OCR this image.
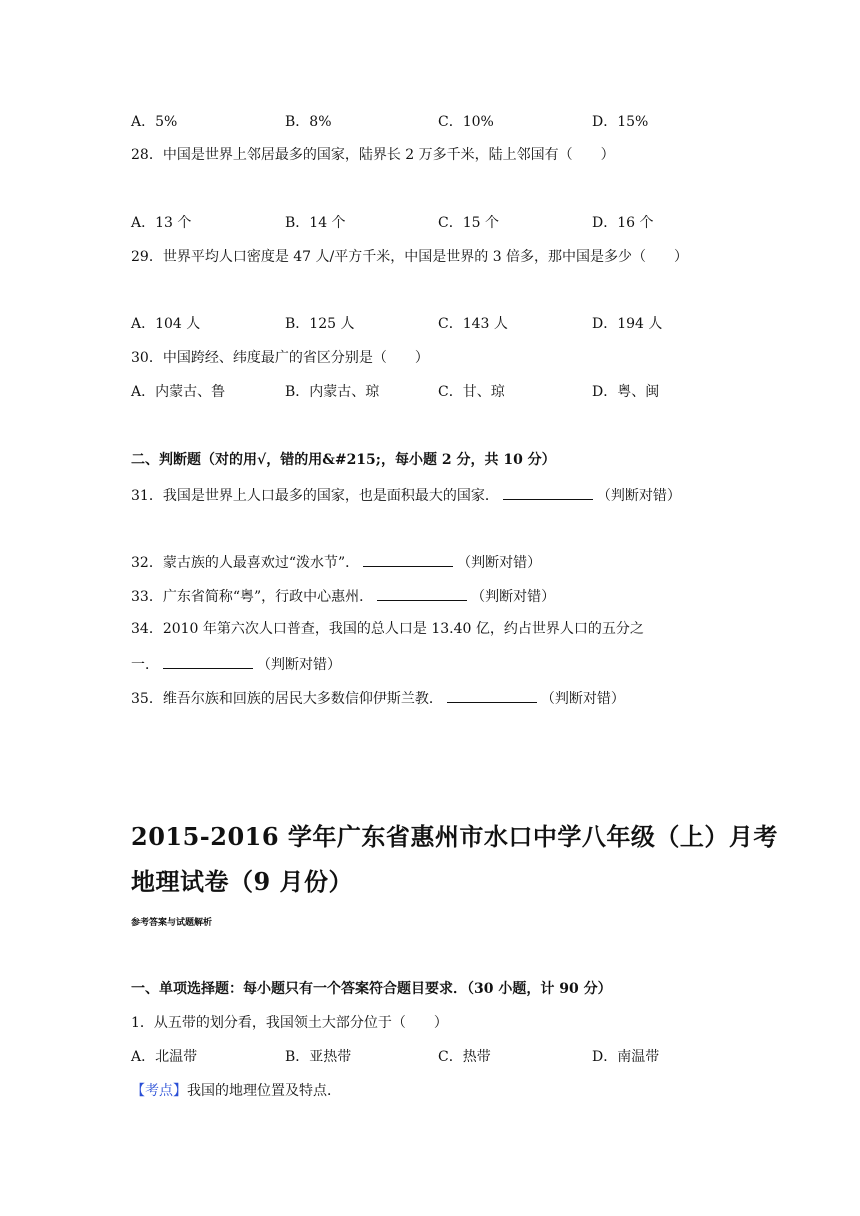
A．5%	B．8%	C．10%	D．15%
28．中国是世界上邻居最多的国家，陆界长 2 万多千米，陆上邻国有（　　）
A．13 个	B．14 个	C．15 个	D．16 个
29．世界平均人口密度是 47 人/平方千米，中国是世界的 3 倍多，那中国是多少（　　）
A．104 人	B．125 人	C．143 人	D．194 人
30．中国跨经、纬度最广的省区分别是（　　）
A．内蒙古、鲁	B．内蒙古、琼	C．甘、琼	D．粤、闽
二、判断题（对的用√，错的用&#215;，每小题 2 分，共 10 分）
31．我国是世界上人口最多的国家，也是面积最大的国家．	（判断对错）
32．蒙古族的人最喜欢过“泼水节”．	（判断对错）
33．广东省简称“粤”，行政中心惠州．	（判断对错）
34．2010 年第六次人口普查，我国的总人口是 13.40 亿，约占世界人口的五分之
一．	（判断对错）
35．维吾尔族和回族的居民大多数信仰伊斯兰教．	（判断对错）
2015-2016 学年广东省惠州市水口中学八年级（上）月考
地理试卷（9 月份）
参考答案与试题解析
一、单项选择题：每小题只有一个答案符合题目要求．（30 小题，计 90 分）
1．从五带的划分看，我国领土大部分位于（　　）
A．北温带	B．亚热带	C．热带	D．南温带
【考点】我国的地理位置及特点．
